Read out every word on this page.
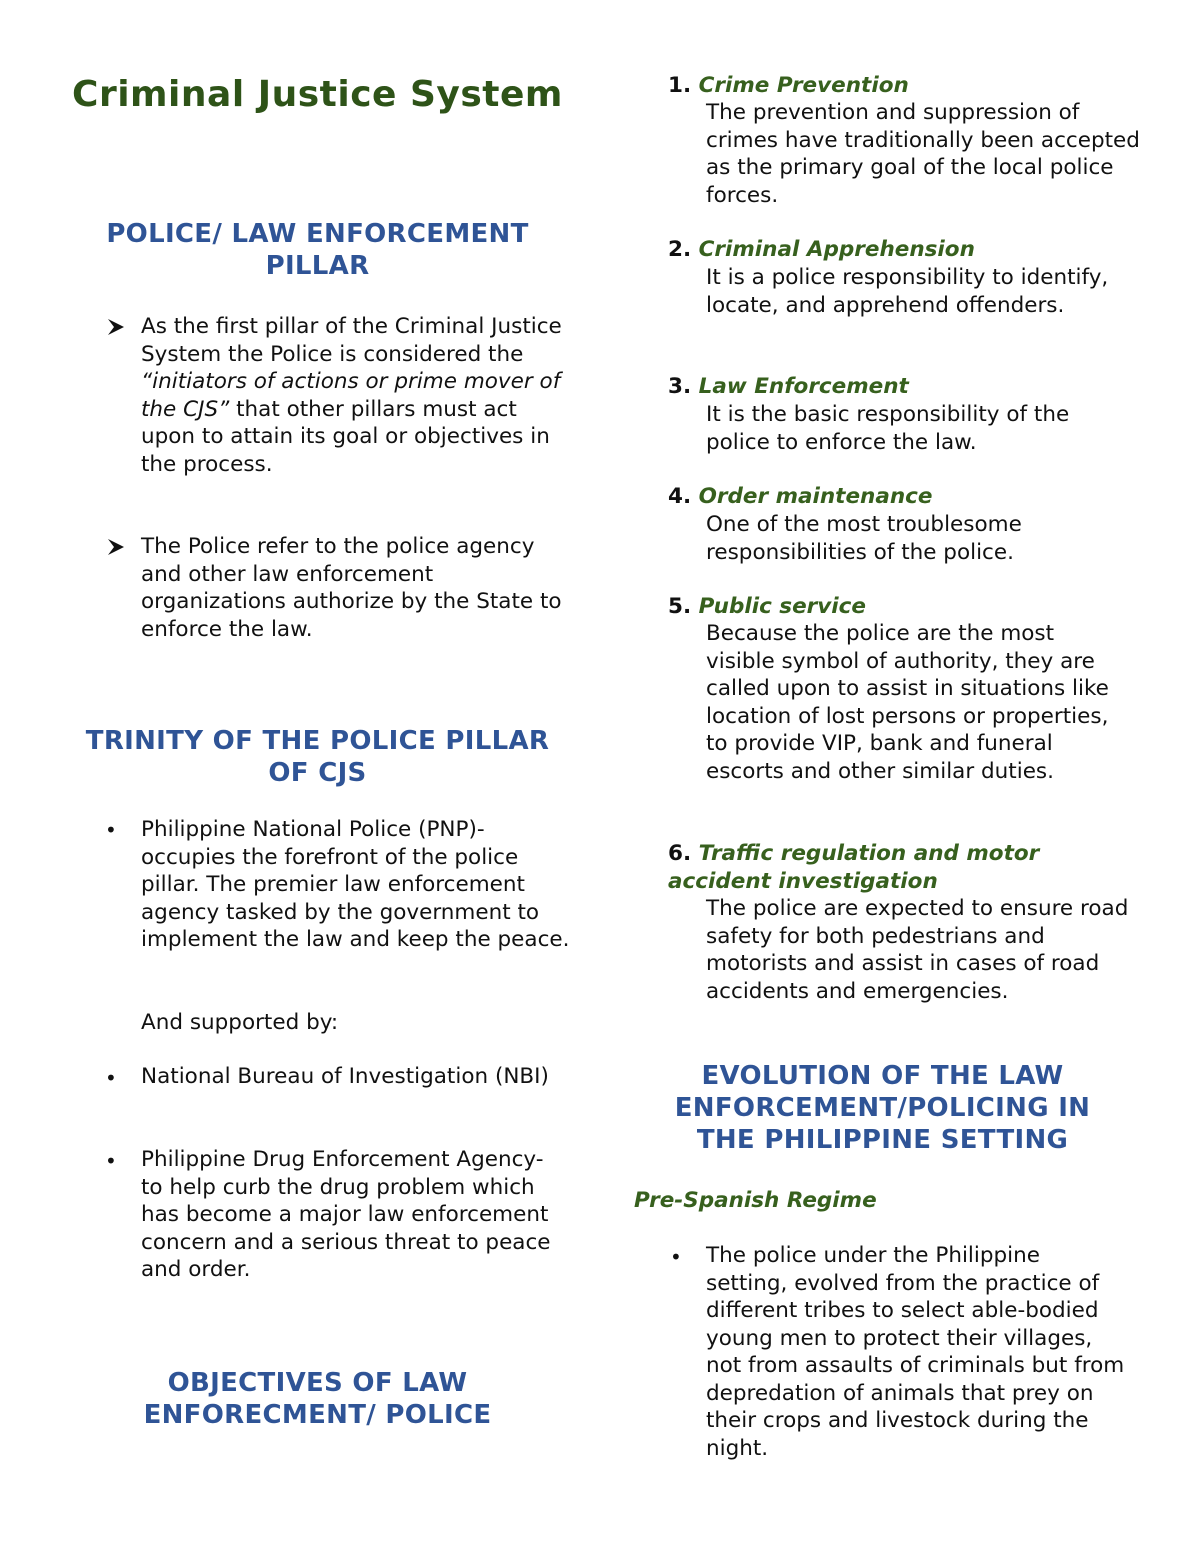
Criminal Justice System
POLICE/ LAW ENFORCEMENT PILLAR
As the first pillar of the Criminal Justice System the Police is considered the “initiators of actions or prime mover of the CJS” that other pillars must act upon to attain its goal or objectives in the process.
The Police refer to the police agency and other law enforcement organizations authorize by the State to enforce the law.
TRINITY OF THE POLICE PILLAR OF CJS
• Philippine National Police (PNP)- occupies the forefront of the police pillar. The premier law enforcement agency tasked by the government to implement the law and keep the peace.
And supported by:
• National Bureau of Investigation (NBI)
• Philippine Drug Enforcement Agency- to help curb the drug problem which has become a major law enforcement concern and a serious threat to peace and order.
OBJECTIVES OF LAW ENFORECMENT/ POLICE
1. Crime Prevention
The prevention and suppression of crimes have traditionally been accepted as the primary goal of the local police forces.
2. Criminal Apprehension
It is a police responsibility to identify, locate, and apprehend offenders.
3. Law Enforcement
It is the basic responsibility of the police to enforce the law.
4. Order maintenance
One of the most troublesome responsibilities of the police.
5. Public service
Because the police are the most visible symbol of authority, they are called upon to assist in situations like location of lost persons or properties, to provide VIP, bank and funeral escorts and other similar duties.
6. Traffic regulation and motor accident investigation
The police are expected to ensure road safety for both pedestrians and motorists and assist in cases of road accidents and emergencies.
EVOLUTION OF THE LAW ENFORCEMENT/POLICING IN THE PHILIPPINE SETTING
Pre-Spanish Regime
• The police under the Philippine setting, evolved from the practice of different tribes to select able-bodied young men to protect their villages, not from assaults of criminals but from depredation of animals that prey on their crops and livestock during the night.
